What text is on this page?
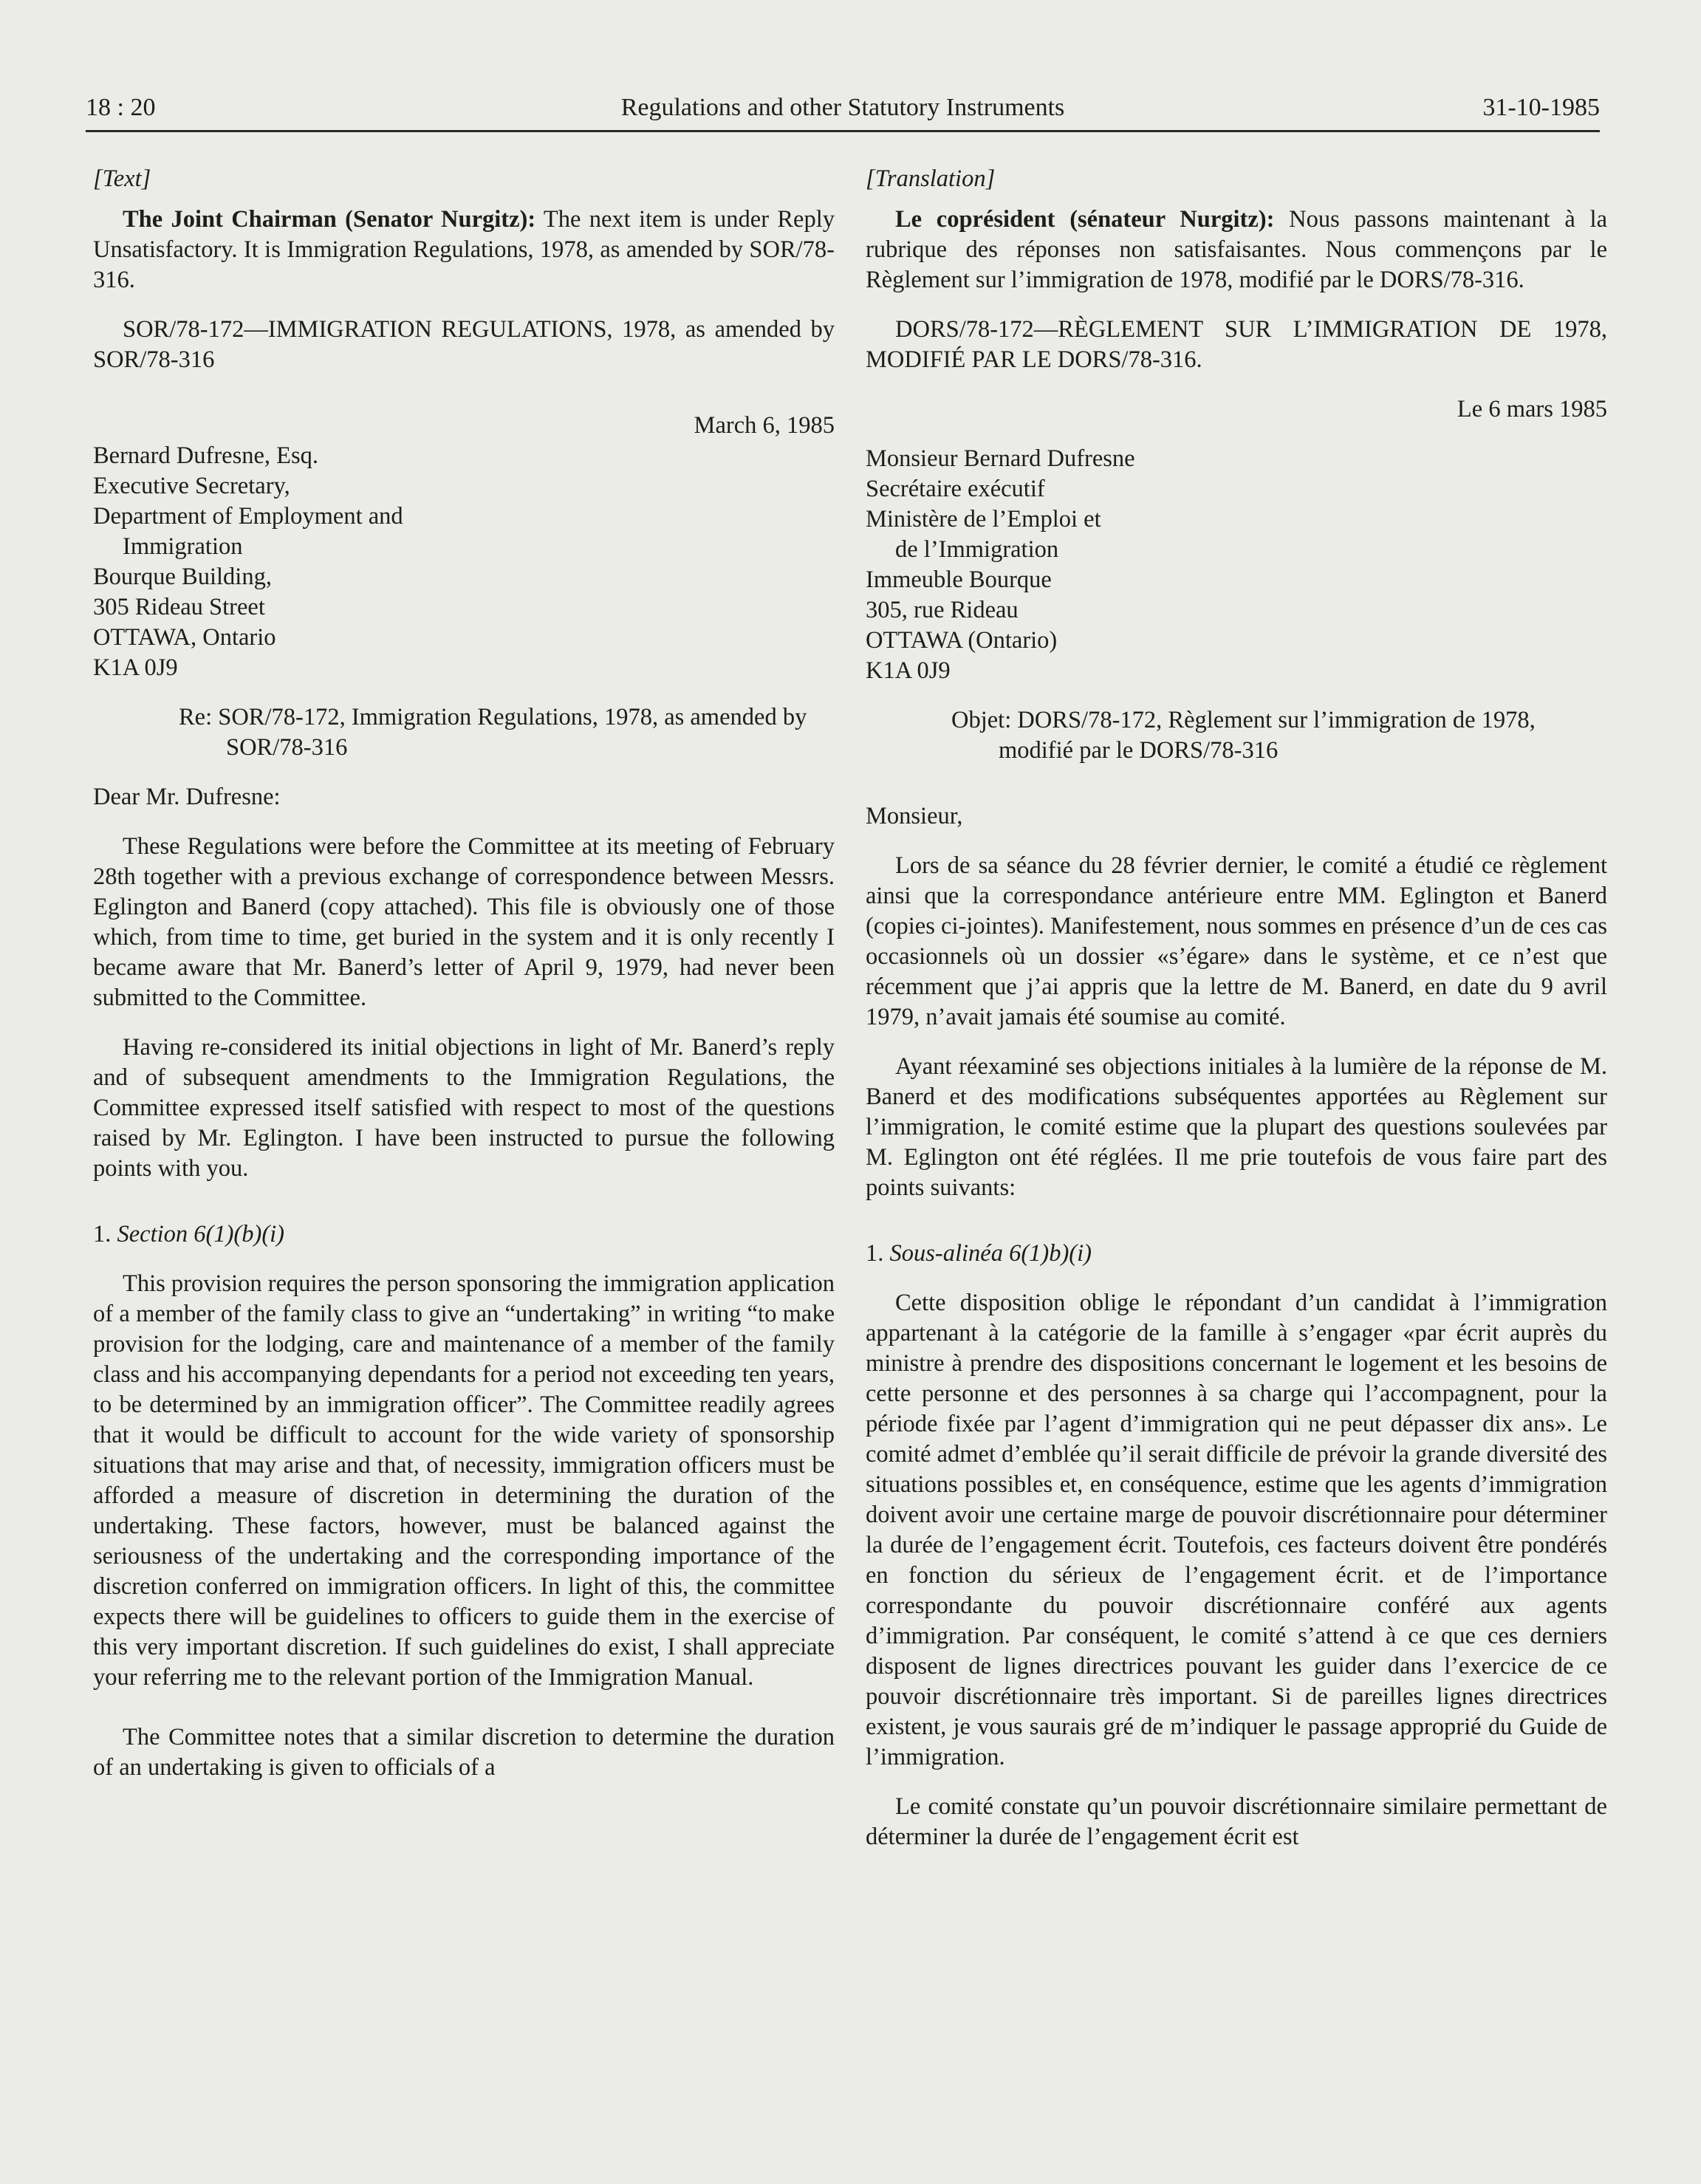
18 : 20	Regulations and other Statutory Instruments	31-10-1985

[Text]

The Joint Chairman (Senator Nurgitz): The next item is under Reply Unsatisfactory. It is Immigration Regulations, 1978, as amended by SOR/78-316.

SOR/78-172—IMMIGRATION REGULATIONS, 1978, as amended by SOR/78-316

March 6, 1985

Bernard Dufresne, Esq.

Executive Secretary,

Department of Employment and

Immigration

Bourque Building,

305 Rideau Street

OTTAWA, Ontario

K1A 0J9

Re: SOR/78-172, Immigration Regulations, 1978, as amended by SOR/78-316

Dear Mr. Dufresne:

These Regulations were before the Committee at its meeting of February 28th together with a previous exchange of correspondence between Messrs. Eglington and Banerd (copy attached). This file is obviously one of those which, from time to time, get buried in the system and it is only recently I became aware that Mr. Banerd’s letter of April 9, 1979, had never been submitted to the Committee.

Having re-considered its initial objections in light of Mr. Banerd’s reply and of subsequent amendments to the Immigration Regulations, the Committee expressed itself satisfied with respect to most of the questions raised by Mr. Eglington. I have been instructed to pursue the following points with you.

1. Section 6(1)(b)(i)

This provision requires the person sponsoring the immigration application of a member of the family class to give an “undertaking” in writing “to make provision for the lodging, care and maintenance of a member of the family class and his accompanying dependants for a period not exceeding ten years, to be determined by an immigration officer”. The Committee readily agrees that it would be difficult to account for the wide variety of sponsorship situations that may arise and that, of necessity, immigration officers must be afforded a measure of discretion in determining the duration of the undertaking. These factors, however, must be balanced against the seriousness of the undertaking and the corresponding importance of the discretion conferred on immigration officers. In light of this, the committee expects there will be guidelines to officers to guide them in the exercise of this very important discretion. If such guidelines do exist, I shall appreciate your referring me to the relevant portion of the Immigration Manual.

The Committee notes that a similar discretion to determine the duration of an undertaking is given to officials of a

[Translation]

Le coprésident (sénateur Nurgitz): Nous passons maintenant à la rubrique des réponses non satisfaisantes. Nous commençons par le Règlement sur l’immigration de 1978, modifié par le DORS/78-316.

DORS/78-172—RÈGLEMENT SUR L’IMMIGRATION DE 1978, MODIFIÉ PAR LE DORS/78-316.

Le 6 mars 1985

Monsieur Bernard Dufresne

Secrétaire exécutif

Ministère de l’Emploi et

de l’Immigration

Immeuble Bourque

305, rue Rideau

OTTAWA (Ontario)

K1A 0J9

Objet: DORS/78-172, Règlement sur l’immigration de 1978, modifié par le DORS/78-316

Monsieur,

Lors de sa séance du 28 février dernier, le comité a étudié ce règlement ainsi que la correspondance antérieure entre MM. Eglington et Banerd (copies ci-jointes). Manifestement, nous sommes en présence d’un de ces cas occasionnels où un dossier «s’égare» dans le système, et ce n’est que récemment que j’ai appris que la lettre de M. Banerd, en date du 9 avril 1979, n’avait jamais été soumise au comité.

Ayant réexaminé ses objections initiales à la lumière de la réponse de M. Banerd et des modifications subséquentes apportées au Règlement sur l’immigration, le comité estime que la plupart des questions soulevées par M. Eglington ont été réglées. Il me prie toutefois de vous faire part des points suivants:

1. Sous-alinéa 6(1)b)(i)

Cette disposition oblige le répondant d’un candidat à l’immigration appartenant à la catégorie de la famille à s’engager «par écrit auprès du ministre à prendre des dispositions concernant le logement et les besoins de cette personne et des personnes à sa charge qui l’accompagnent, pour la période fixée par l’agent d’immigration qui ne peut dépasser dix ans». Le comité admet d’emblée qu’il serait difficile de prévoir la grande diversité des situations possibles et, en conséquence, estime que les agents d’immigration doivent avoir une certaine marge de pouvoir discrétionnaire pour déterminer la durée de l’engagement écrit. Toutefois, ces facteurs doivent être pondérés en fonction du sérieux de l’engagement écrit. et de l’importance correspondante du pouvoir discrétionnaire conféré aux agents d’immigration. Par conséquent, le comité s’attend à ce que ces derniers disposent de lignes directrices pouvant les guider dans l’exercice de ce pouvoir discrétionnaire très important. Si de pareilles lignes directrices existent, je vous saurais gré de m’indiquer le passage approprié du Guide de l’immigration.

Le comité constate qu’un pouvoir discrétionnaire similaire permettant de déterminer la durée de l’engagement écrit est
